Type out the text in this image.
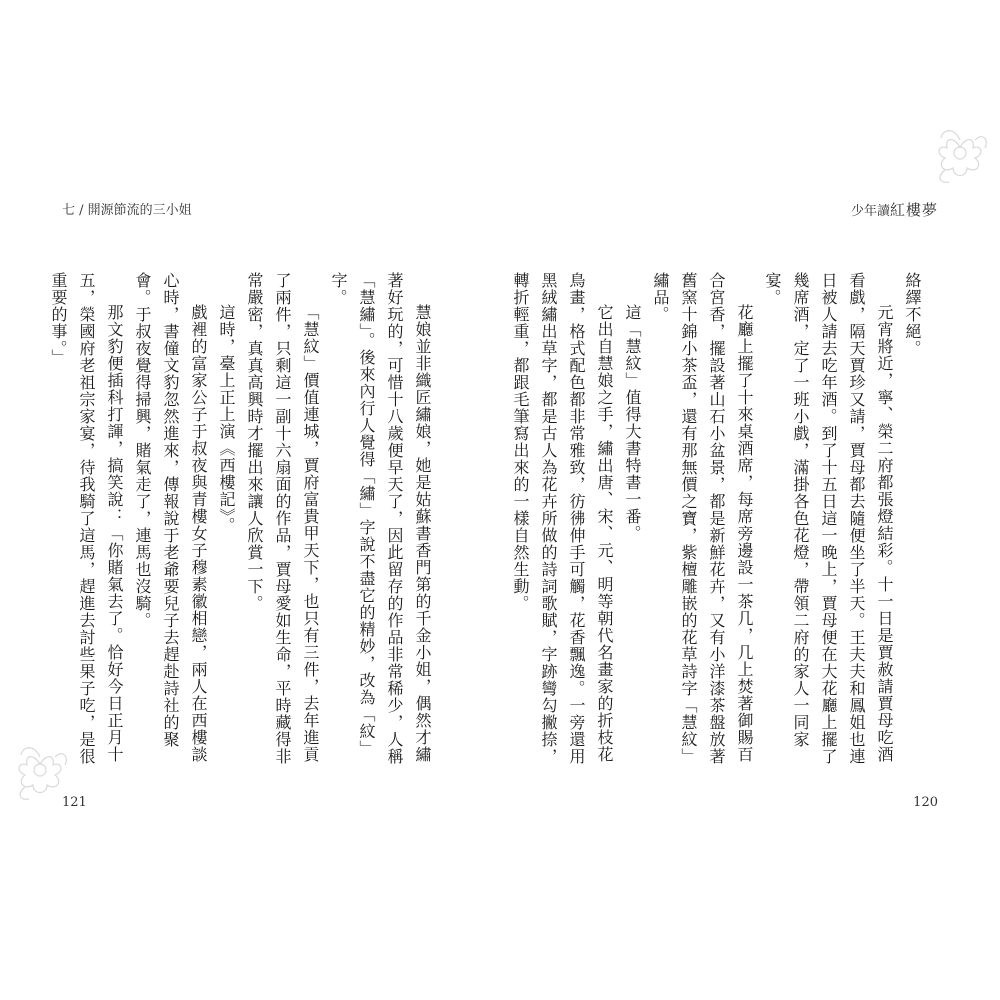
七 / 開源節流的三小姐

慧娘並非織匠繡娘，她是姑蘇書香門第的千金小姐，偶然才繡著好玩的，可惜十八歲便早天了，因此留存的作品非常稀少，人稱「慧繡」。後來內行人覺得「繡」字說不盡它的精妙，改為「紋」字。

「慧紋」價值連城，賈府富貴甲天下，也只有三件，去年進貢了兩件，只剩這一副十六扇面的作品，賈母愛如生命，平時藏得非常嚴密，真真高興時才擺出來讓人欣賞一下。

這時，臺上正上演《西樓記》。

戲裡的富家公子于叔夜與青樓女子穆素徽相戀，兩人在西樓談心時，書僮文豹忽然進來，傳報說于老爺要兒子去趕赴詩社的聚會。于叔夜覺得掃興，賭氣走了，連馬也沒騎。

那文豹便插科打諢，搞笑說：「你賭氣去了。恰好今日正月十五，榮國府老祖宗家宴，待我騎了這馬，趕進去討些果子吃，是很重要的事。」

121
少年讀紅樓夢

絡繹不絕。

元宵將近，寧、榮二府都張燈結彩。十一日是賈赦請賈母吃酒看戲，隔天賈珍又請，賈母都去隨便坐了半天。王夫夫和鳳姐也連日被人請去吃年酒。到了十五日這一晚上，賈母便在大花廳上擺了幾席酒，定了一班小戲，滿掛各色花燈，帶領二府的家人一同家宴。

花廳上擺了十來桌酒席，每席旁邊設一茶几，几上焚著御賜百合宮香，擺設著山石小盆景，都是新鮮花卉，又有小洋漆茶盤放著舊窯十錦小茶盃，還有那無價之寶，紫檀雕嵌的花草詩字「慧紋」繡品。

這「慧紋」值得大書特書一番。

它出自慧娘之手，繡出唐、宋、元、明等朝代名畫家的折枝花鳥畫，格式配色都非常雅致，彷彿伸手可觸，花香飄逸。一旁還用黑絨繡出草字，都是古人為花卉所做的詩詞歌賦，字跡彎勾撇捺，轉折輕重，都跟毛筆寫出來的一樣自然生動。

120
